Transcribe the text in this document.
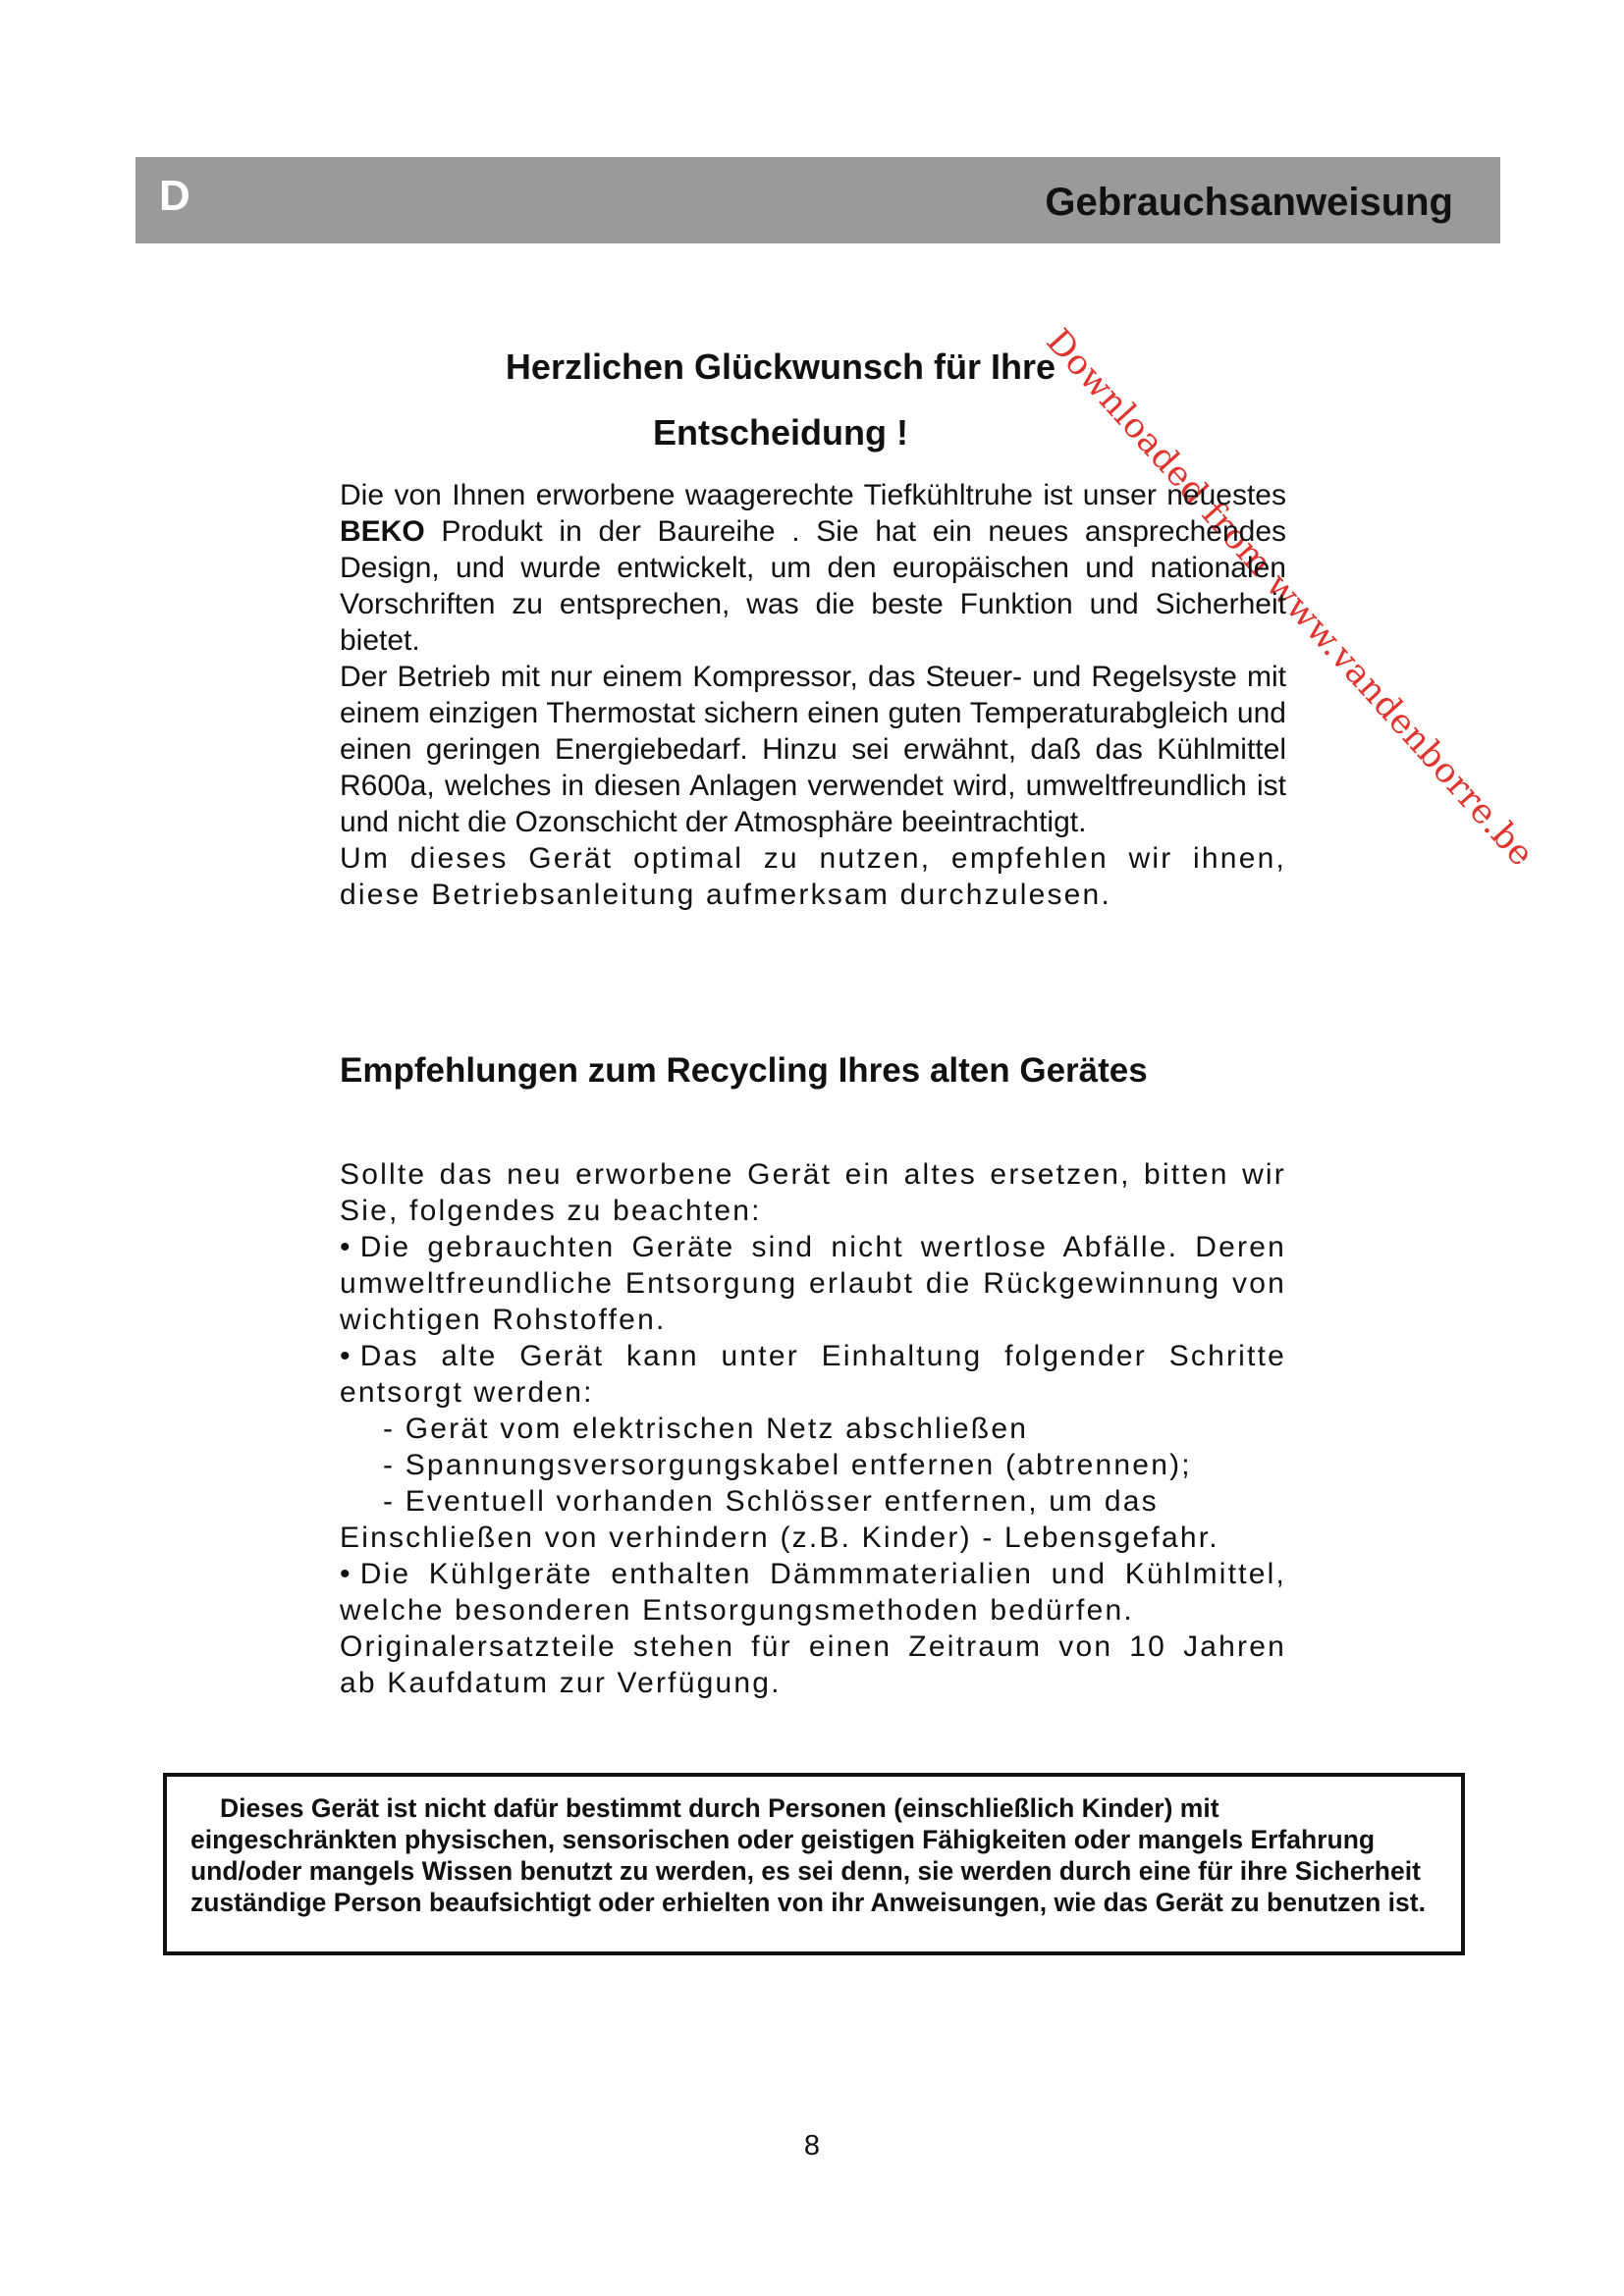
D	Gebrauchsanweisung
Downloaded from www.vandenborre.be
Herzlichen Glückwunsch für Ihre
Entscheidung !

Die von Ihnen erworbene waagerechte Tiefkühltruhe ist unser neuestes BEKO Produkt in der Baureihe . Sie hat ein neues ansprechendes Design, und wurde entwickelt, um den europäischen und nationalen Vorschriften zu entsprechen, was die beste Funktion und Sicherheit bietet.

Der Betrieb mit nur einem Kompressor, das Steuer- und Regelsyste mit einem einzigen Thermostat sichern einen guten Temperaturabgleich und einen geringen Energiebedarf. Hinzu sei erwähnt, daß das Kühlmittel R600a, welches in diesen Anlagen verwendet wird, umweltfreundlich ist und nicht die Ozonschicht der Atmosphäre beeintrachtigt.

Um dieses Gerät optimal zu nutzen, empfehlen wir ihnen, diese Betriebsanleitung aufmerksam durchzulesen.

Empfehlungen zum Recycling Ihres alten Gerätes

Sollte das neu erworbene Gerät ein altes ersetzen, bitten wir Sie, folgendes zu beachten:

• Die gebrauchten Geräte sind nicht wertlose Abfälle. Deren umweltfreundliche Entsorgung erlaubt die Rückgewinnung von wichtigen Rohstoffen.

• Das alte Gerät kann unter Einhaltung folgender Schritte entsorgt werden:

- Gerät vom elektrischen Netz abschließen

- Spannungsversorgungskabel entfernen (abtrennen);

- Eventuell vorhanden Schlösser entfernen, um das

Einschließen von verhindern (z.B. Kinder) - Lebensgefahr.

• Die Kühlgeräte enthalten Dämmmaterialien und Kühlmittel, welche besonderen Entsorgungsmethoden bedürfen.

Originalersatzteile stehen für einen Zeitraum von 10 Jahren ab Kaufdatum zur Verfügung.

Dieses Gerät ist nicht dafür bestimmt durch Personen (einschließlich Kinder) mit eingeschränkten physischen, sensorischen oder geistigen Fähigkeiten oder mangels Erfahrung und/oder mangels Wissen benutzt zu werden, es sei denn, sie werden durch eine für ihre Sicherheit zuständige Person beaufsichtigt oder erhielten von ihr Anweisungen, wie das Gerät zu benutzen ist.
8
